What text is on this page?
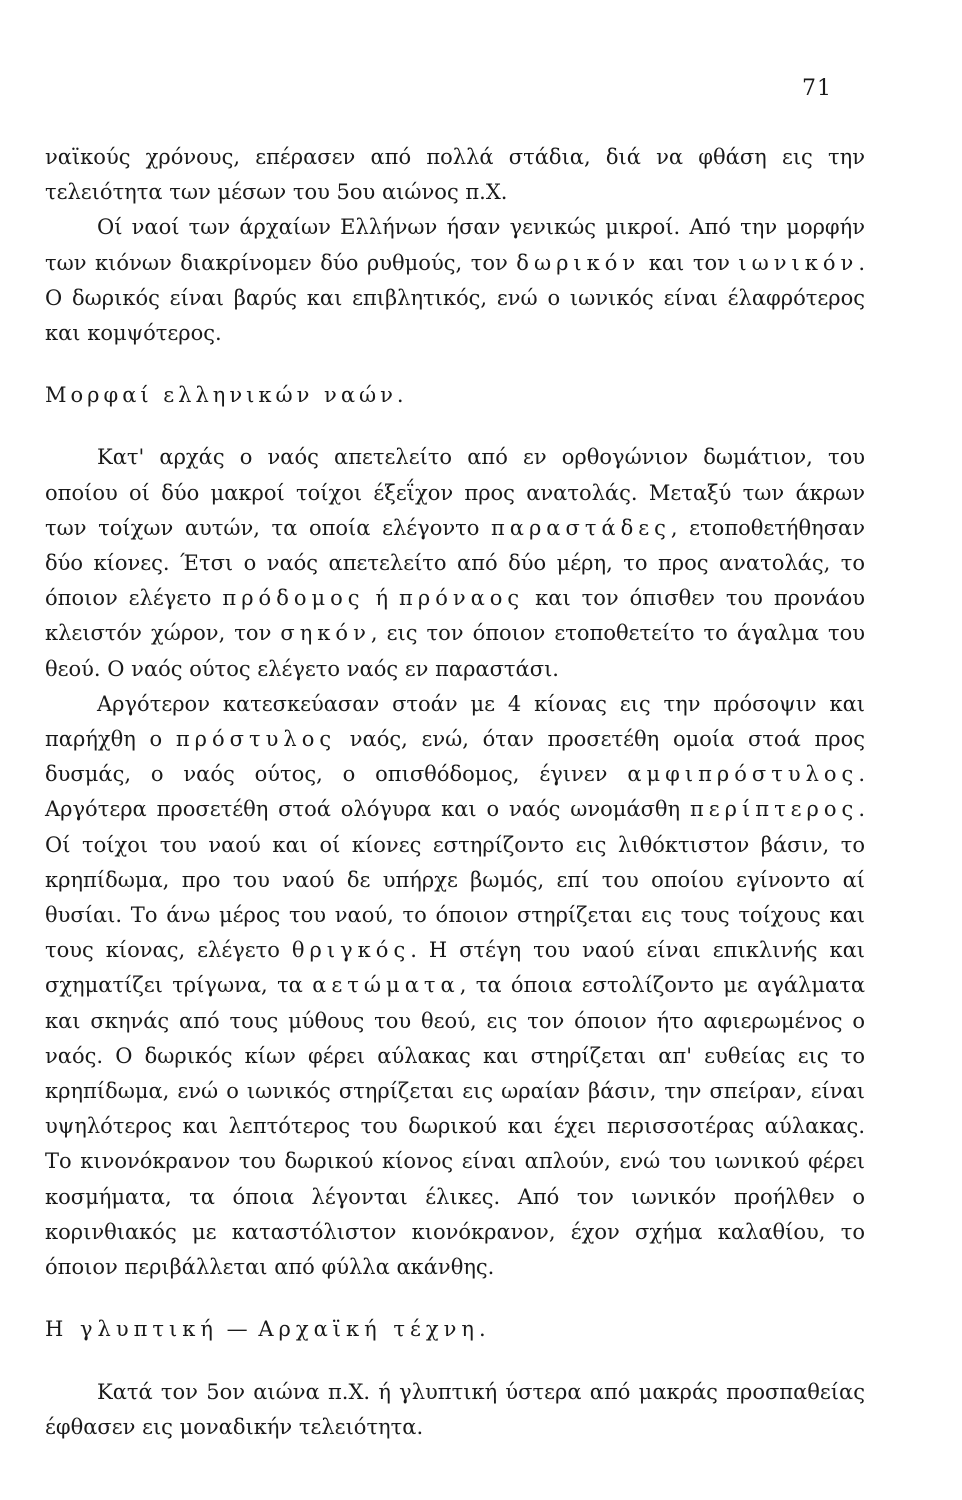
71

ναϊκούς χρόνους, επέρασεν από πολλά στάδια, διά να φθάση εις την τελειότητα των μέσων του 5ου αιώνος π.Χ.

Οί ναοί των άρχαίων Ελλήνων ήσαν γενικώς μικροί. Από την μορφήν των κιόνων διακρίνομεν δύο ρυθμούς, τον δωρικόν και τον ιωνικόν. Ο δωρικός είναι βαρύς και επιβλητικός, ενώ ο ιωνικός είναι έλαφρότερος και κομψότερος.

Μορφαί ελληνικών ναών.

Κατ' αρχάς ο ναός απετελείτο από εν ορθογώνιον δωμάτιον, του οποίου οί δύο μακροί τοίχοι έξεΐχον προς ανατολάς. Μεταξύ των άκρων των τοίχων αυτών, τα οποία ελέγοντο παραστάδες, ετοποθετήθησαν δύο κίονες. Έτσι ο ναός απετελείτο από δύο μέρη, το προς ανατολάς, το όποιον ελέγετο πρόδομος ή πρόναος και τον όπισθεν του προνάου κλειστόν χώρον, τον σηκόν, εις τον όποιον ετοποθετείτο το άγαλμα του θεού. Ο ναός ούτος ελέγετο ναός εν παραστάσι.

Αργότερον κατεσκεύασαν στοάν με 4 κίονας εις την πρόσοψιν και παρήχθη ο πρόστυλος ναός, ενώ, όταν προσετέθη ομοία στοά προς δυσμάς, ο ναός ούτος, ο οπισθόδομος, έγινεν αμφιπρόστυλος. Αργότερα προσετέθη στοά ολόγυρα και ο ναός ωνομάσθη περίπτερος. Οί τοίχοι του ναού και οί κίονες εστηρίζοντο εις λιθόκτιστον βάσιν, το κρηπίδωμα, προ του ναού δε υπήρχε βωμός, επί του οποίου εγίνοντο αί θυσίαι. Το άνω μέρος του ναού, το όποιον στηρίζεται εις τους τοίχους και τους κίονας, ελέγετο θριγκός. Η στέγη του ναού είναι επικλινής και σχηματίζει τρίγωνα, τα αετώματα, τα όποια εστολίζοντο με αγάλματα και σκηνάς από τους μύθους του θεού, εις τον όποιον ήτο αφιερωμένος ο ναός. Ο δωρικός κίων φέρει αύλακας και στηρίζεται απ' ευθείας εις το κρηπίδωμα, ενώ ο ιωνικός στηρίζεται εις ωραίαν βάσιν, την σπείραν, είναι υψηλότερος και λεπτότερος του δωρικού και έχει περισσοτέρας αύλακας. Το κινονόκρανον του δωρικού κίονος είναι απλούν, ενώ του ιωνικού φέρει κοσμήματα, τα όποια λέγονται έλικες. Από τον ιωνικόν προήλθεν ο κορινθιακός με καταστόλιστον κιονόκρανον, έχον σχήμα καλαθίου, το όποιον περιβάλλεται από φύλλα ακάνθης.

Η γλυπτική — Αρχαϊκή τέχνη.

Κατά τον 5ον αιώνα π.Χ. ή γλυπτική ύστερα από μακράς προσπαθείας έφθασεν εις μοναδικήν τελειότητα.
